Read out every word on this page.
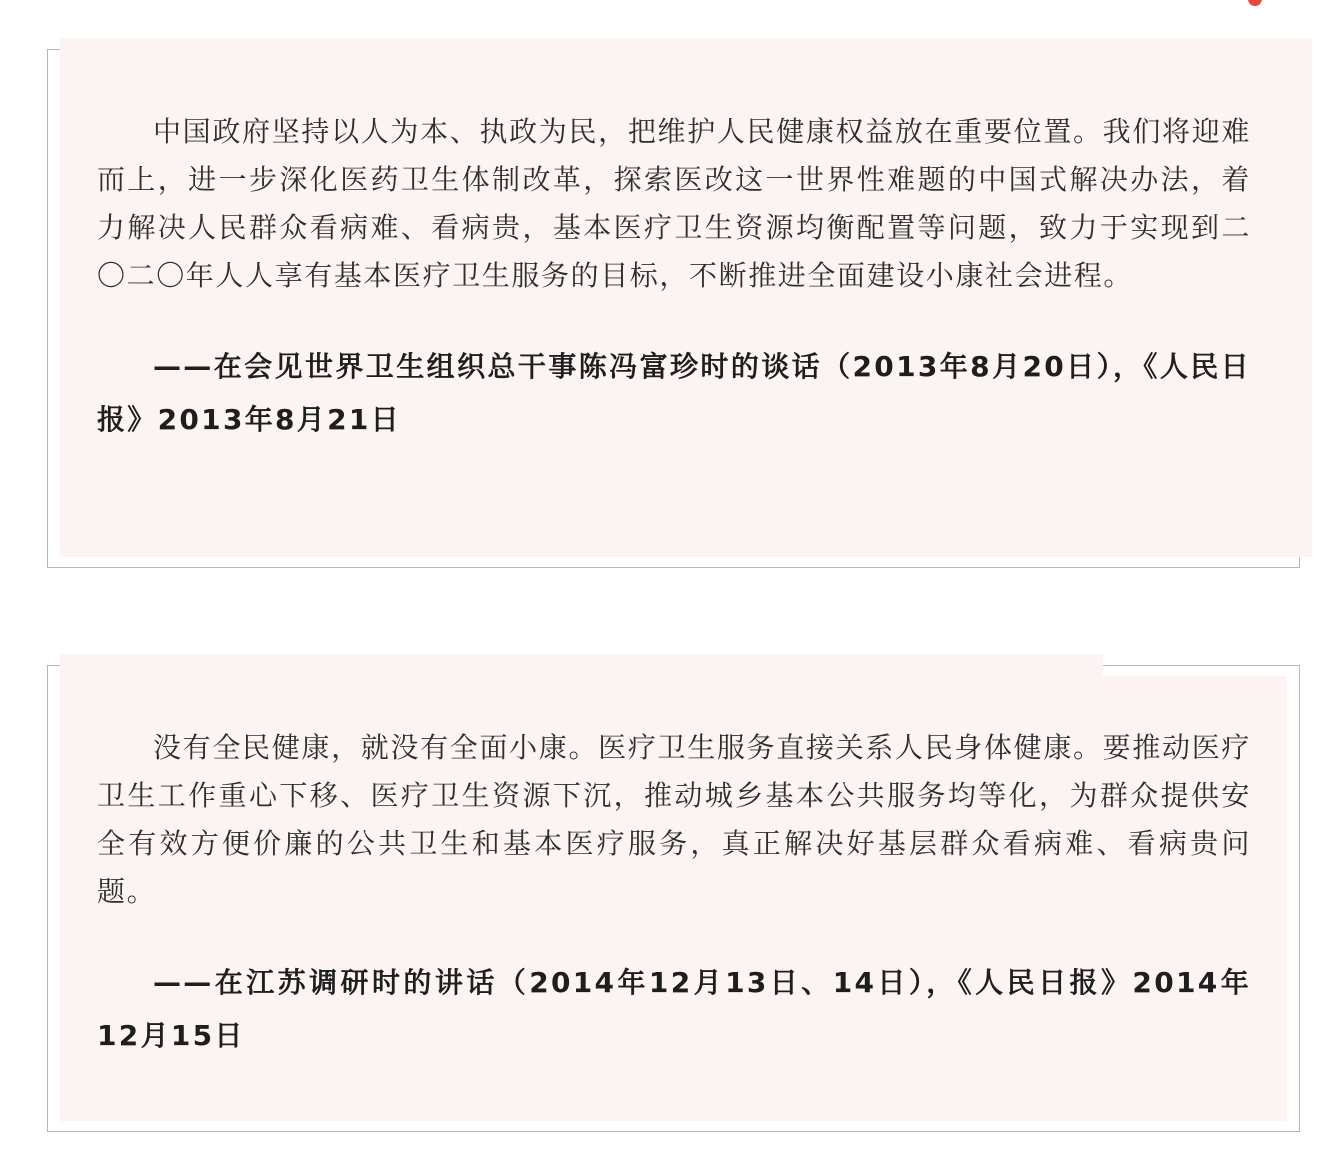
中国政府坚持以人为本、执政为民，把维护人民健康权益放在重要位置。我们将迎难而上，进一步深化医药卫生体制改革，探索医改这一世界性难题的中国式解决办法，着力解决人民群众看病难、看病贵，基本医疗卫生资源均衡配置等问题，致力于实现到二〇二〇年人人享有基本医疗卫生服务的目标，不断推进全面建设小康社会进程。

——在会见世界卫生组织总干事陈冯富珍时的谈话（2013年8月20日），《人民日报》2013年8月21日

没有全民健康，就没有全面小康。医疗卫生服务直接关系人民身体健康。要推动医疗卫生工作重心下移、医疗卫生资源下沉，推动城乡基本公共服务均等化，为群众提供安全有效方便价廉的公共卫生和基本医疗服务，真正解决好基层群众看病难、看病贵问题。

——在江苏调研时的讲话（2014年12月13日、14日），《人民日报》2014年12月15日
